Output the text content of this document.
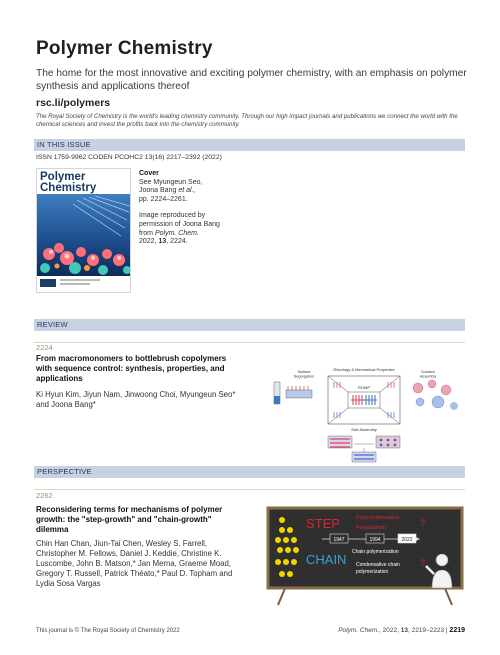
Polymer Chemistry
The home for the most innovative and exciting polymer chemistry, with an emphasis on polymer synthesis and applications thereof
rsc.li/polymers
The Royal Society of Chemistry is the world's leading chemistry community. Through our high impact journals and publications we connect the world with the chemical sciences and invest the profits back into the chemistry community.
IN THIS ISSUE
ISSN 1759-9962 CODEN PCOHC2 13(16) 2217–2392 (2022)
Polymer
Chemistry
Cover
See Myungeun Seo,
Joona Bang et al.,
pp. 2224–2261.
Image reproduced by
permission of Joona Bang
from Polym. Chem.
2022, 13, 2224.
REVIEW
2224
From macromonomers to bottlebrush copolymers with sequence control: synthesis, properties, and applications
Ki Hyun Kim, Jiyun Nam, Jinwoong Choi, Myungeun Seo* and Joona Bang*
Surface Segregation
Rheology & Mechanical Properties	Solution Assembly
ROMP
Self-Assembly
PERSPECTIVE
2262
Reconsidering terms for mechanisms of polymer growth: the "step-growth" and "chain-growth" dilemma
Chin Han Chan, Jiun-Tai Chen, Wesley S. Farrell, Christopher M. Fellows, Daniel J. Keddie, Christine K. Luscombe, John B. Matson,* Jan Merna, Graeme Moad, Gregory T. Russell, Patrick Théato,* Paul D. Topham and Lydia Sosa Vargas
STEP
CHAIN
Polycondensation
Polyaddition
1947	1994	2022
Chain polymerization
Condensative chain
polymerization
?
?
This journal is © The Royal Society of Chemistry 2022	Polym. Chem., 2022, 13, 2219–2223 | 2219
